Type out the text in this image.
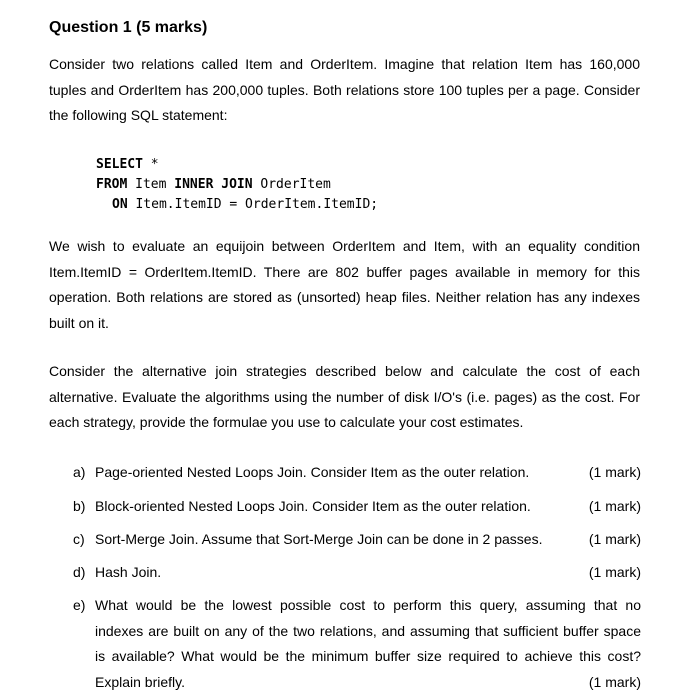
Question 1 (5 marks)
Consider two relations called Item and OrderItem. Imagine that relation Item has 160,000
tuples and OrderItem has 200,000 tuples. Both relations store 100 tuples per a page. Consider
the following SQL statement:
SELECT *
FROM Item INNER JOIN OrderItem
ON Item.ItemID = OrderItem.ItemID;
We wish to evaluate an equijoin between OrderItem and Item, with an equality condition
Item.ItemID = OrderItem.ItemID. There are 802 buffer pages available in memory for this
operation. Both relations are stored as (unsorted) heap files. Neither relation has any indexes
built on it.
Consider the alternative join strategies described below and calculate the cost of each
alternative. Evaluate the algorithms using the number of disk I/O's (i.e. pages) as the cost. For
each strategy, provide the formulae you use to calculate your cost estimates.
a) Page-oriented Nested Loops Join. Consider Item as the outer relation.	(1 mark)
b) Block-oriented Nested Loops Join. Consider Item as the outer relation.	(1 mark)
c) Sort-Merge Join. Assume that Sort-Merge Join can be done in 2 passes.	(1 mark)
d) Hash Join.	(1 mark)
e) What would be the lowest possible cost to perform this query, assuming that no
indexes are built on any of the two relations, and assuming that sufficient buffer space
is available? What would be the minimum buffer size required to achieve this cost?
Explain briefly.	(1 mark)
